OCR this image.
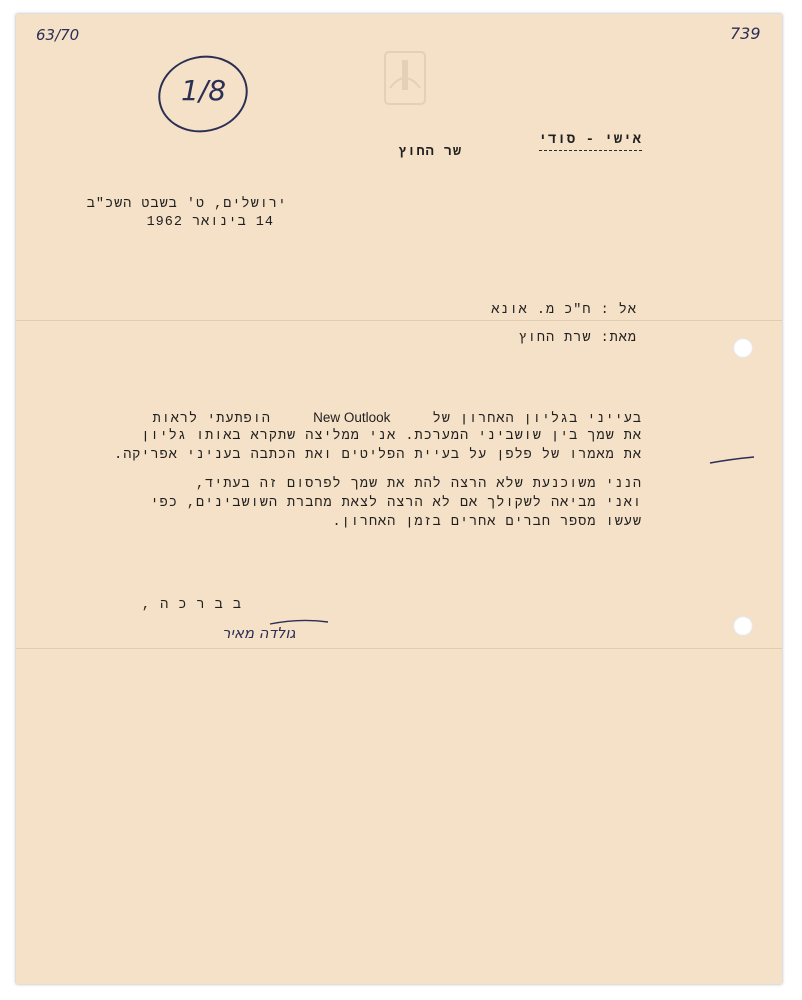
63/70	739
1/8
אישי - סודי
שר החוץ
ירושלים, ט' בשבט השכ"ב
14 בינואר 1962
אל : ח"כ מ. אונא
מאת: שרת החוץ
בעייני בגליון האחרון של  New Outlook  הופתעתי לראות
את שמך בין שושביני המערכת. אני ממליצה שתקרא באותו גליון
את מאמרו של פלפן על בעיית הפליטים ואת הכתבה בעניני אפריקה.
הנני משוכנעת שלא הרצה להת את שמך לפרסום זה בעתיד,
ואני מביאה לשקולך אם לא הרצה לצאת מחברת השושבינים, כפי
שעשו מספר חברים אחרים בזמן האחרון.
ב ב ר כ ה ,
גולדה מאיר
